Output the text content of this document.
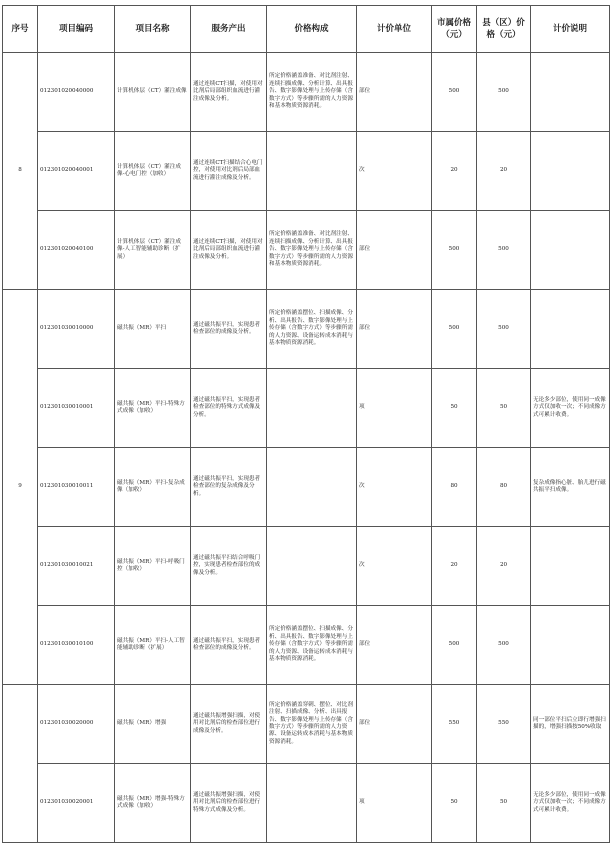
序号	项目编码	项目名称	服务产出	价格构成	计价单位	市属价格（元）	县（区）价格（元）	计价说明
8	012301020040000	计算机体层（CT）灌注成像	通过连续CT扫描，对使用对比剂后局部组织血流进行灌注成像及分析。	所定价格涵盖准备、对比剂注射、连续扫描成像、分析计算、出具报告、数字影像处理与上传存储（含数字方式）等步骤所需的人力资源和基本物质资源消耗。	部位	500	500	
	012301020040001	计算机体层（CT）灌注成像-心电门控（加收）	通过连续CT扫描结合心电门控，对使用对比剂后局部血流进行灌注成像及分析。		次	20	20	
	012301020040100	计算机体层（CT）灌注成像-人工智能辅助诊断（扩展）	通过连续CT扫描，对使用对比剂后局部组织血流进行灌注成像及分析。	所定价格涵盖准备、对比剂注射、连续扫描成像、分析计算、出具报告、数字影像处理与上传存储（含数字方式）等步骤所需的人力资源和基本物质资源消耗。	部位	500	500	
9	012301030010000	磁共振（MR）平扫	通过磁共振平扫，实现患者检查部位的成像及分析。	所定价格涵盖摆位、扫描成像、分析、出具报告、数字影像处理与上传存储（含数字方式）等步骤所需的人力资源、设备运转成本消耗与基本物质资源消耗。	部位	500	500	
	012301030010001	磁共振（MR）平扫-特殊方式成像（加收）	通过磁共振平扫，实现患者检查部位的特殊方式成像及分析。		项	50	50	无论多少部位，使用同一成像方式仅加收一次；不同成像方式可累计收费。
	012301030010011	磁共振（MR）平扫-复杂成像（加收）	通过磁共振平扫，实现患者检查部位的复杂成像及分析。		次	80	80	复杂成像指心脏、胎儿进行磁共振平扫成像。
	012301030010021	磁共振（MR）平扫-呼吸门控（加收）	通过磁共振平扫结合呼吸门控，实现患者检查部位的成像及分析。		次	20	20	
	012301030010100	磁共振（MR）平扫-人工智能辅助诊断（扩展）	通过磁共振平扫，实现患者检查部位的成像及分析。	所定价格涵盖摆位、扫描成像、分析、出具报告、数字影像处理与上传存储（含数字方式）等步骤所需的人力资源、设备运转成本消耗与基本物质资源消耗。	部位	500	500	
	012301030020000	磁共振（MR）增强	通过磁共振增强扫描，对使用对比剂后的检查部位进行成像及分析。	所定价格涵盖穿刺、摆位、对比剂注射、扫描成像、分析、出具报告、数字影像处理与上传存储（含数字方式）等步骤所需的人力资源、设备运转成本消耗与基本物质资源消耗。	部位	550	550	同一部位平扫后立即行增强扫描的，增强扫描按50%收取
	012301030020001	磁共振（MR）增强-特殊方式成像（加收）	通过磁共振增强扫描，对使用对比剂后的检查部位进行特殊方式成像及分析。		项	50	50	无论多少部位，使用同一成像方式仅加收一次；不同成像方式可累计收费。
